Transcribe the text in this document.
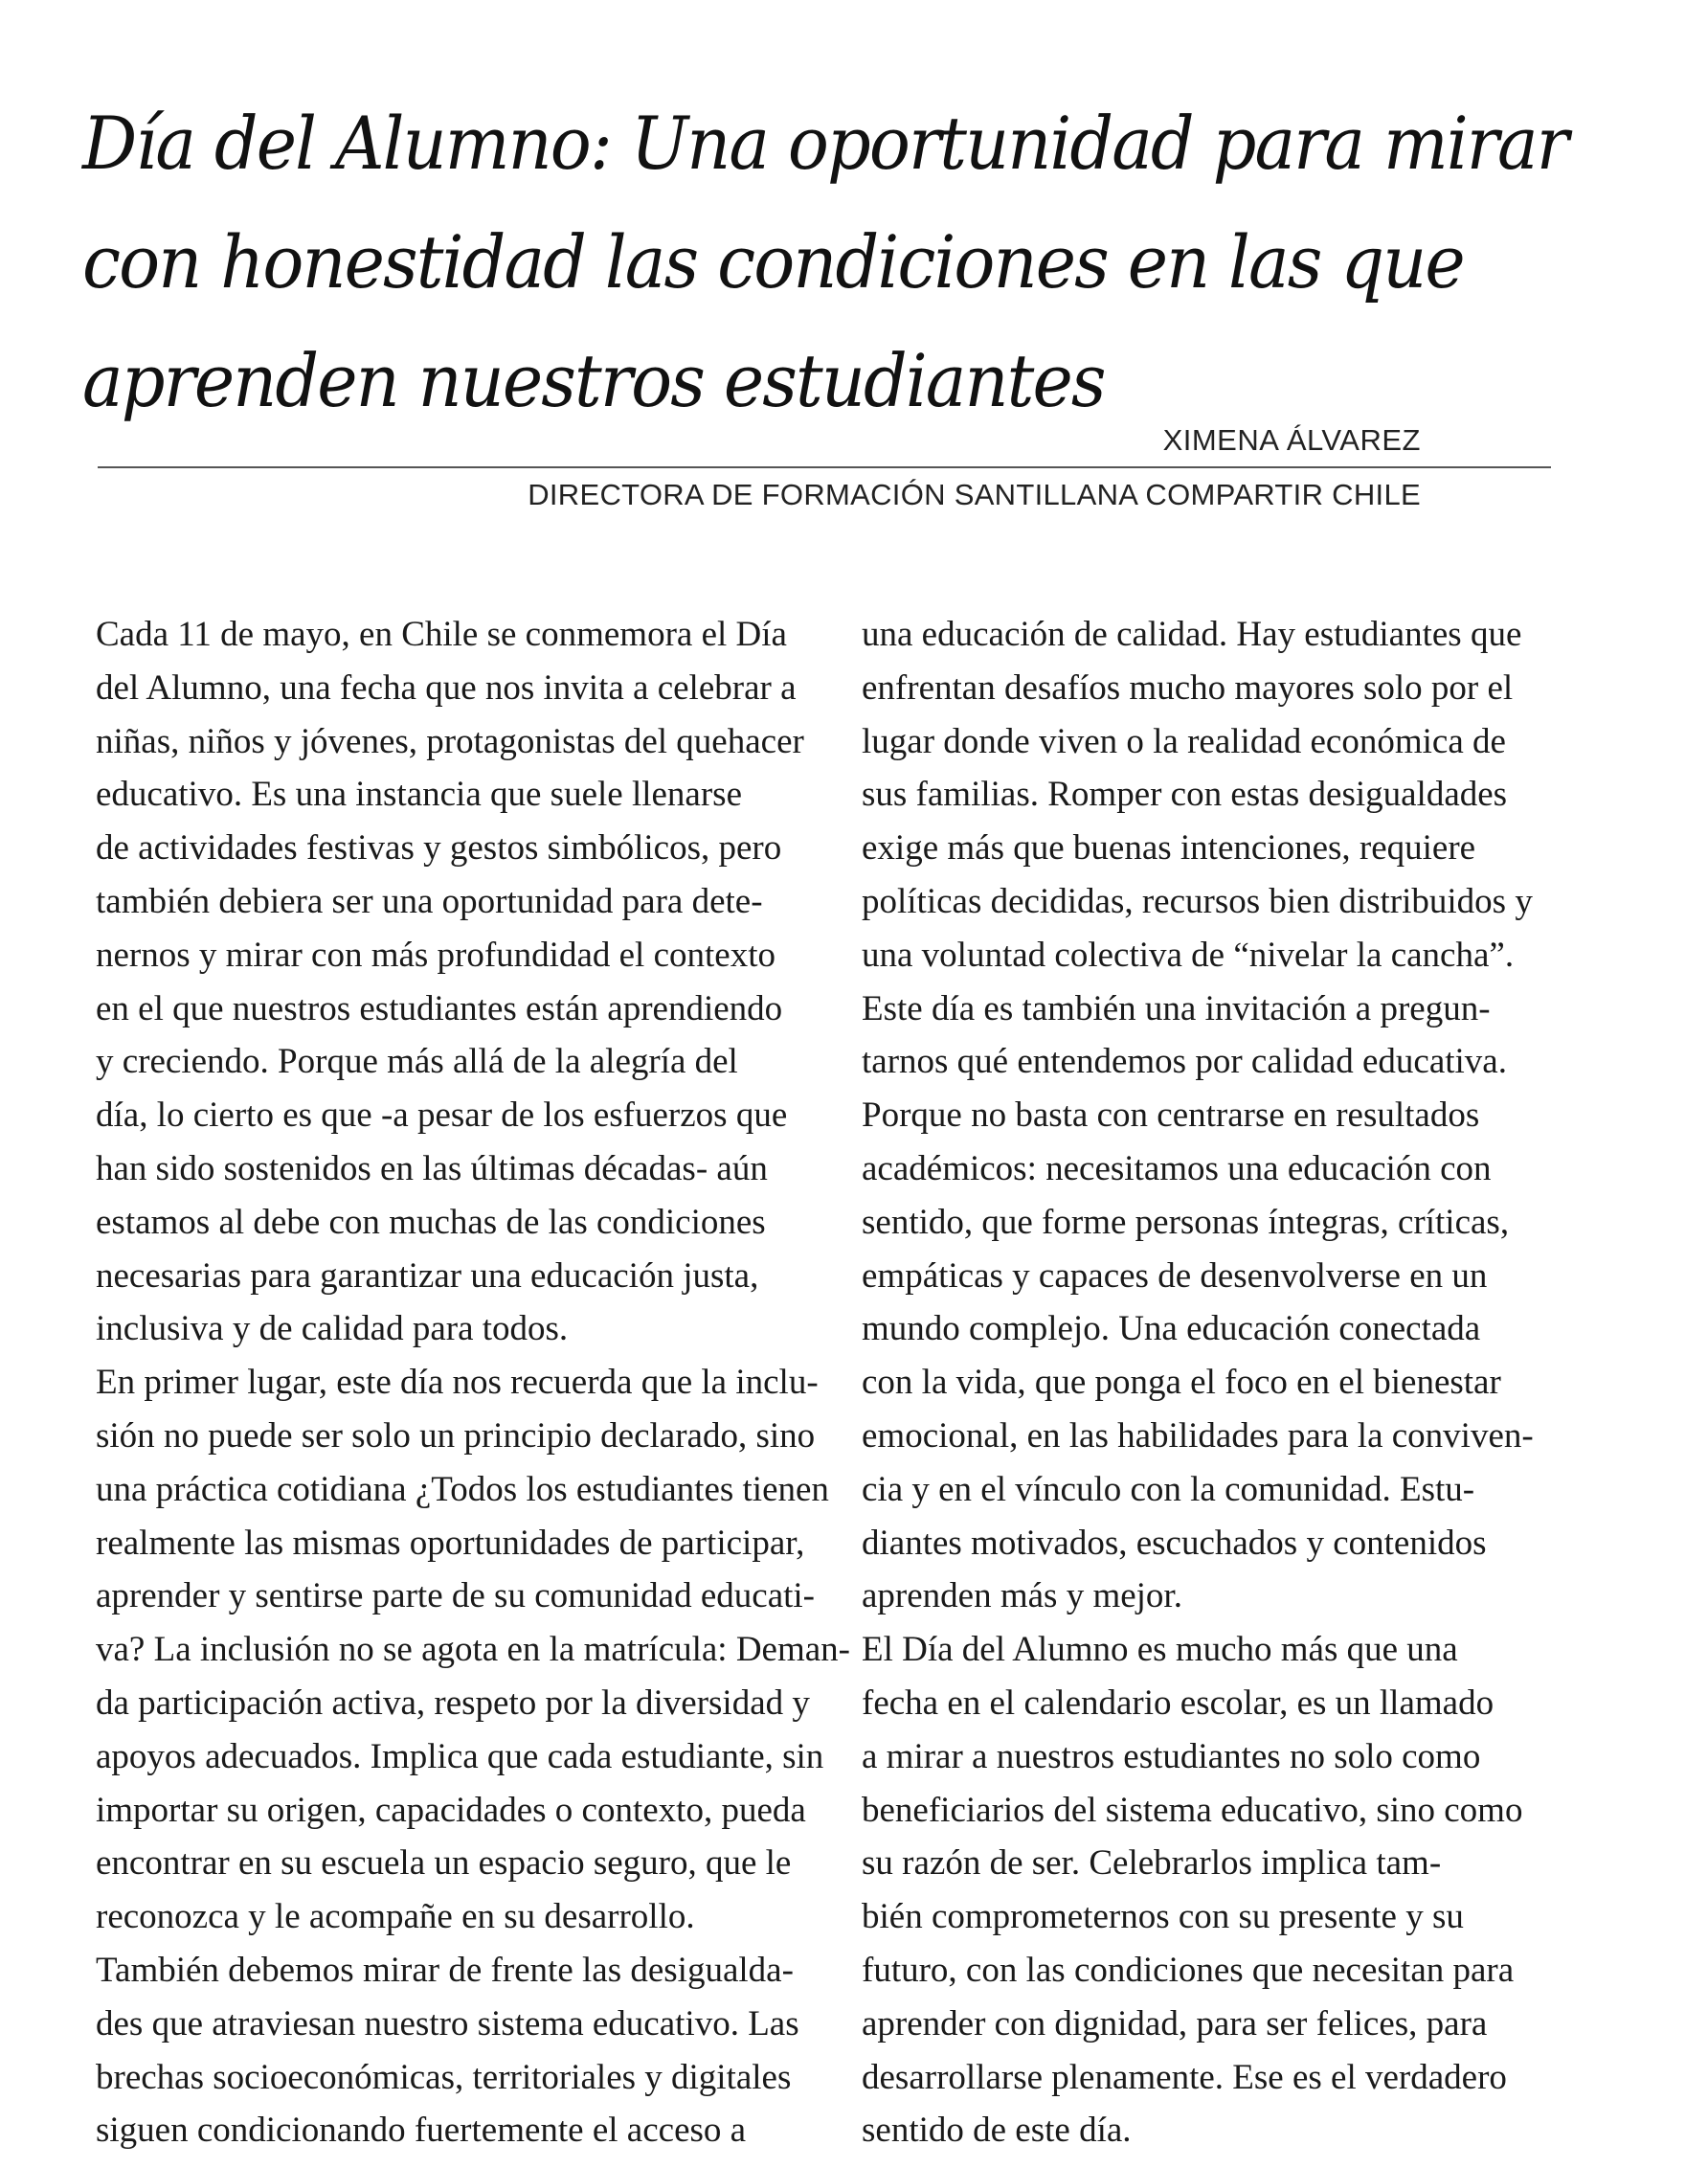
Día del Alumno: Una oportunidad para mirar
con honestidad las condiciones en las que
aprenden nuestros estudiantes
XIMENA ÁLVAREZ
DIRECTORA DE FORMACIÓN SANTILLANA COMPARTIR CHILE
Cada 11 de mayo, en Chile se conmemora el Día
del Alumno, una fecha que nos invita a celebrar a
niñas, niños y jóvenes, protagonistas del quehacer
educativo. Es una instancia que suele llenarse
de actividades festivas y gestos simbólicos, pero
también debiera ser una oportunidad para dete-
nernos y mirar con más profundidad el contexto
en el que nuestros estudiantes están aprendiendo
y creciendo. Porque más allá de la alegría del
día, lo cierto es que -a pesar de los esfuerzos que
han sido sostenidos en las últimas décadas- aún
estamos al debe con muchas de las condiciones
necesarias para garantizar una educación justa,
inclusiva y de calidad para todos.
En primer lugar, este día nos recuerda que la inclu-
sión no puede ser solo un principio declarado, sino
una práctica cotidiana ¿Todos los estudiantes tienen
realmente las mismas oportunidades de participar,
aprender y sentirse parte de su comunidad educati-
va? La inclusión no se agota en la matrícula: Deman-
da participación activa, respeto por la diversidad y
apoyos adecuados. Implica que cada estudiante, sin
importar su origen, capacidades o contexto, pueda
encontrar en su escuela un espacio seguro, que le
reconozca y le acompañe en su desarrollo.
También debemos mirar de frente las desigualda-
des que atraviesan nuestro sistema educativo. Las
brechas socioeconómicas, territoriales y digitales
siguen condicionando fuertemente el acceso a
una educación de calidad. Hay estudiantes que
enfrentan desafíos mucho mayores solo por el
lugar donde viven o la realidad económica de
sus familias. Romper con estas desigualdades
exige más que buenas intenciones, requiere
políticas decididas, recursos bien distribuidos y
una voluntad colectiva de “nivelar la cancha”.
Este día es también una invitación a pregun-
tarnos qué entendemos por calidad educativa.
Porque no basta con centrarse en resultados
académicos: necesitamos una educación con
sentido, que forme personas íntegras, críticas,
empáticas y capaces de desenvolverse en un
mundo complejo. Una educación conectada
con la vida, que ponga el foco en el bienestar
emocional, en las habilidades para la conviven-
cia y en el vínculo con la comunidad. Estu-
diantes motivados, escuchados y contenidos
aprenden más y mejor.
El Día del Alumno es mucho más que una
fecha en el calendario escolar, es un llamado
a mirar a nuestros estudiantes no solo como
beneficiarios del sistema educativo, sino como
su razón de ser. Celebrarlos implica tam-
bién comprometernos con su presente y su
futuro, con las condiciones que necesitan para
aprender con dignidad, para ser felices, para
desarrollarse plenamente. Ese es el verdadero
sentido de este día.
